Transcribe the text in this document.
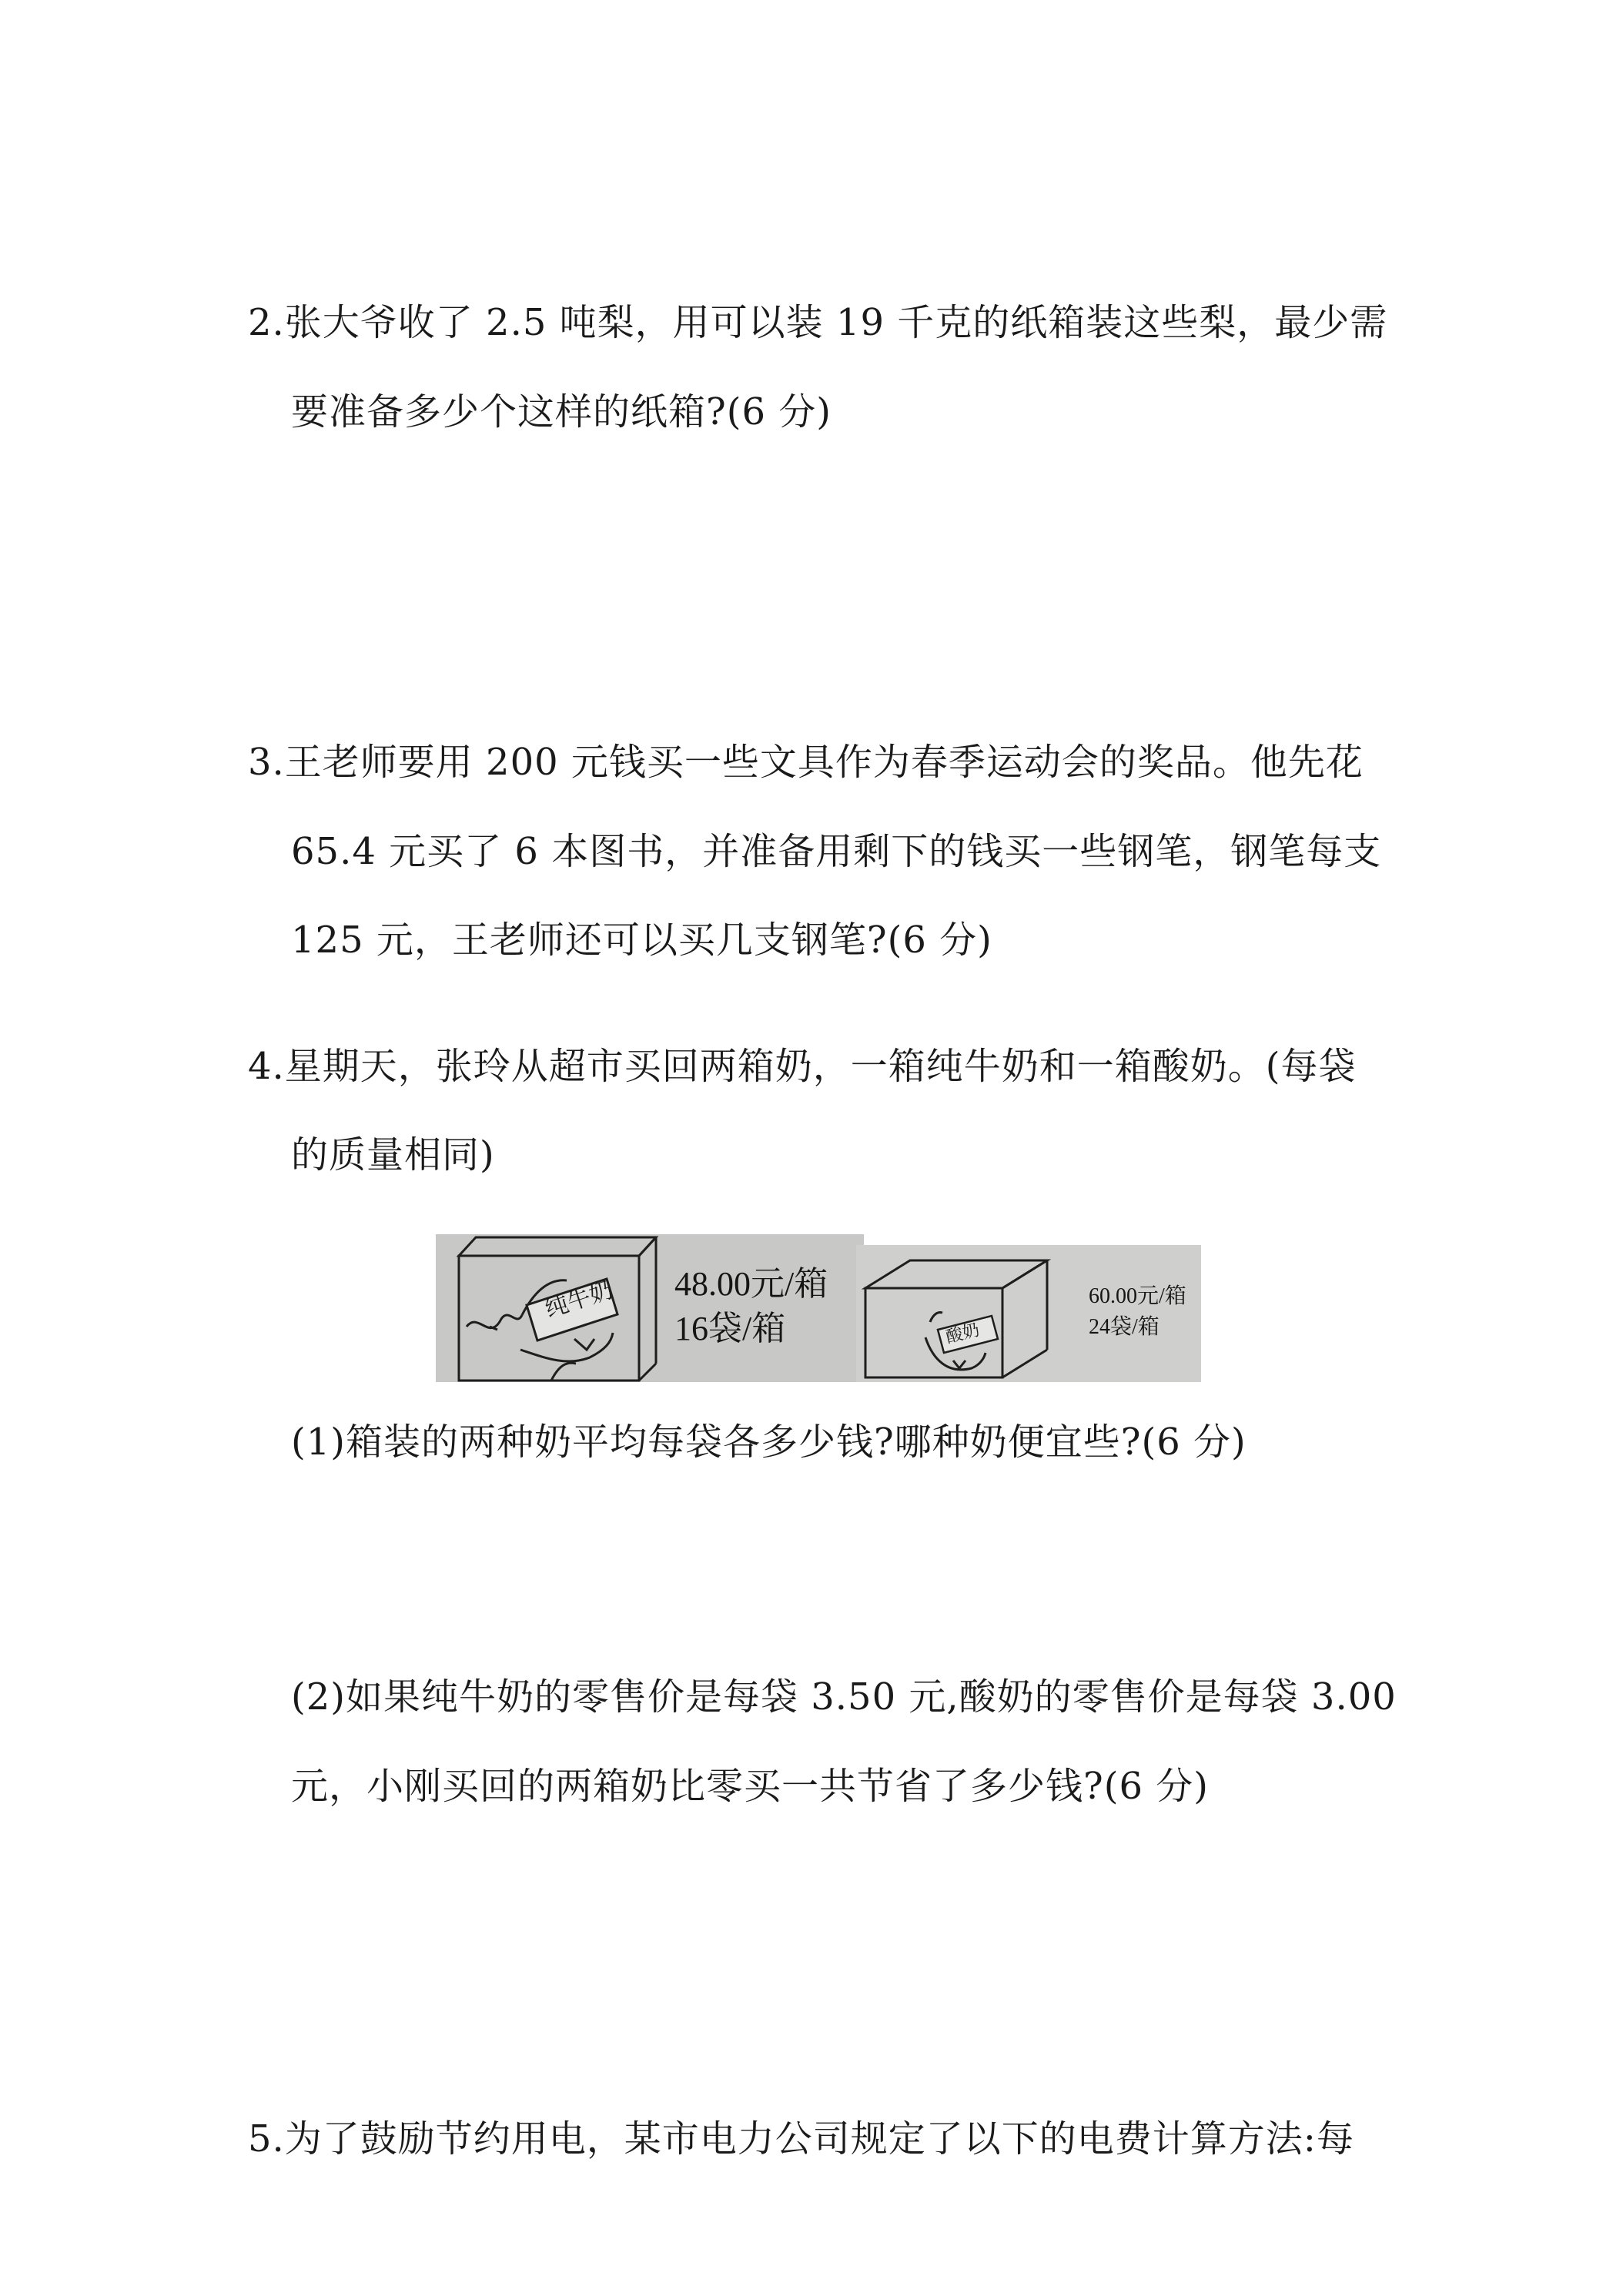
2.张大爷收了 2.5 吨梨，用可以装 19 千克的纸箱装这些梨，最少需
要准备多少个这样的纸箱?(6 分)
3.王老师要用 200 元钱买一些文具作为春季运动会的奖品。他先花
65.4 元买了 6 本图书，并准备用剩下的钱买一些钢笔，钢笔每支
125 元，王老师还可以买几支钢笔?(6 分)
4.星期天，张玲从超市买回两箱奶，一箱纯牛奶和一箱酸奶。(每袋
的质量相同)
纯牛奶 48.00元/箱
16袋/箱	酸奶
60.00元/箱
24袋/箱
(1)箱装的两种奶平均每袋各多少钱?哪种奶便宜些?(6 分)
(2)如果纯牛奶的零售价是每袋 3.50 元,酸奶的零售价是每袋 3.00
元，小刚买回的两箱奶比零买一共节省了多少钱?(6 分)
5.为了鼓励节约用电，某市电力公司规定了以下的电费计算方法:每
